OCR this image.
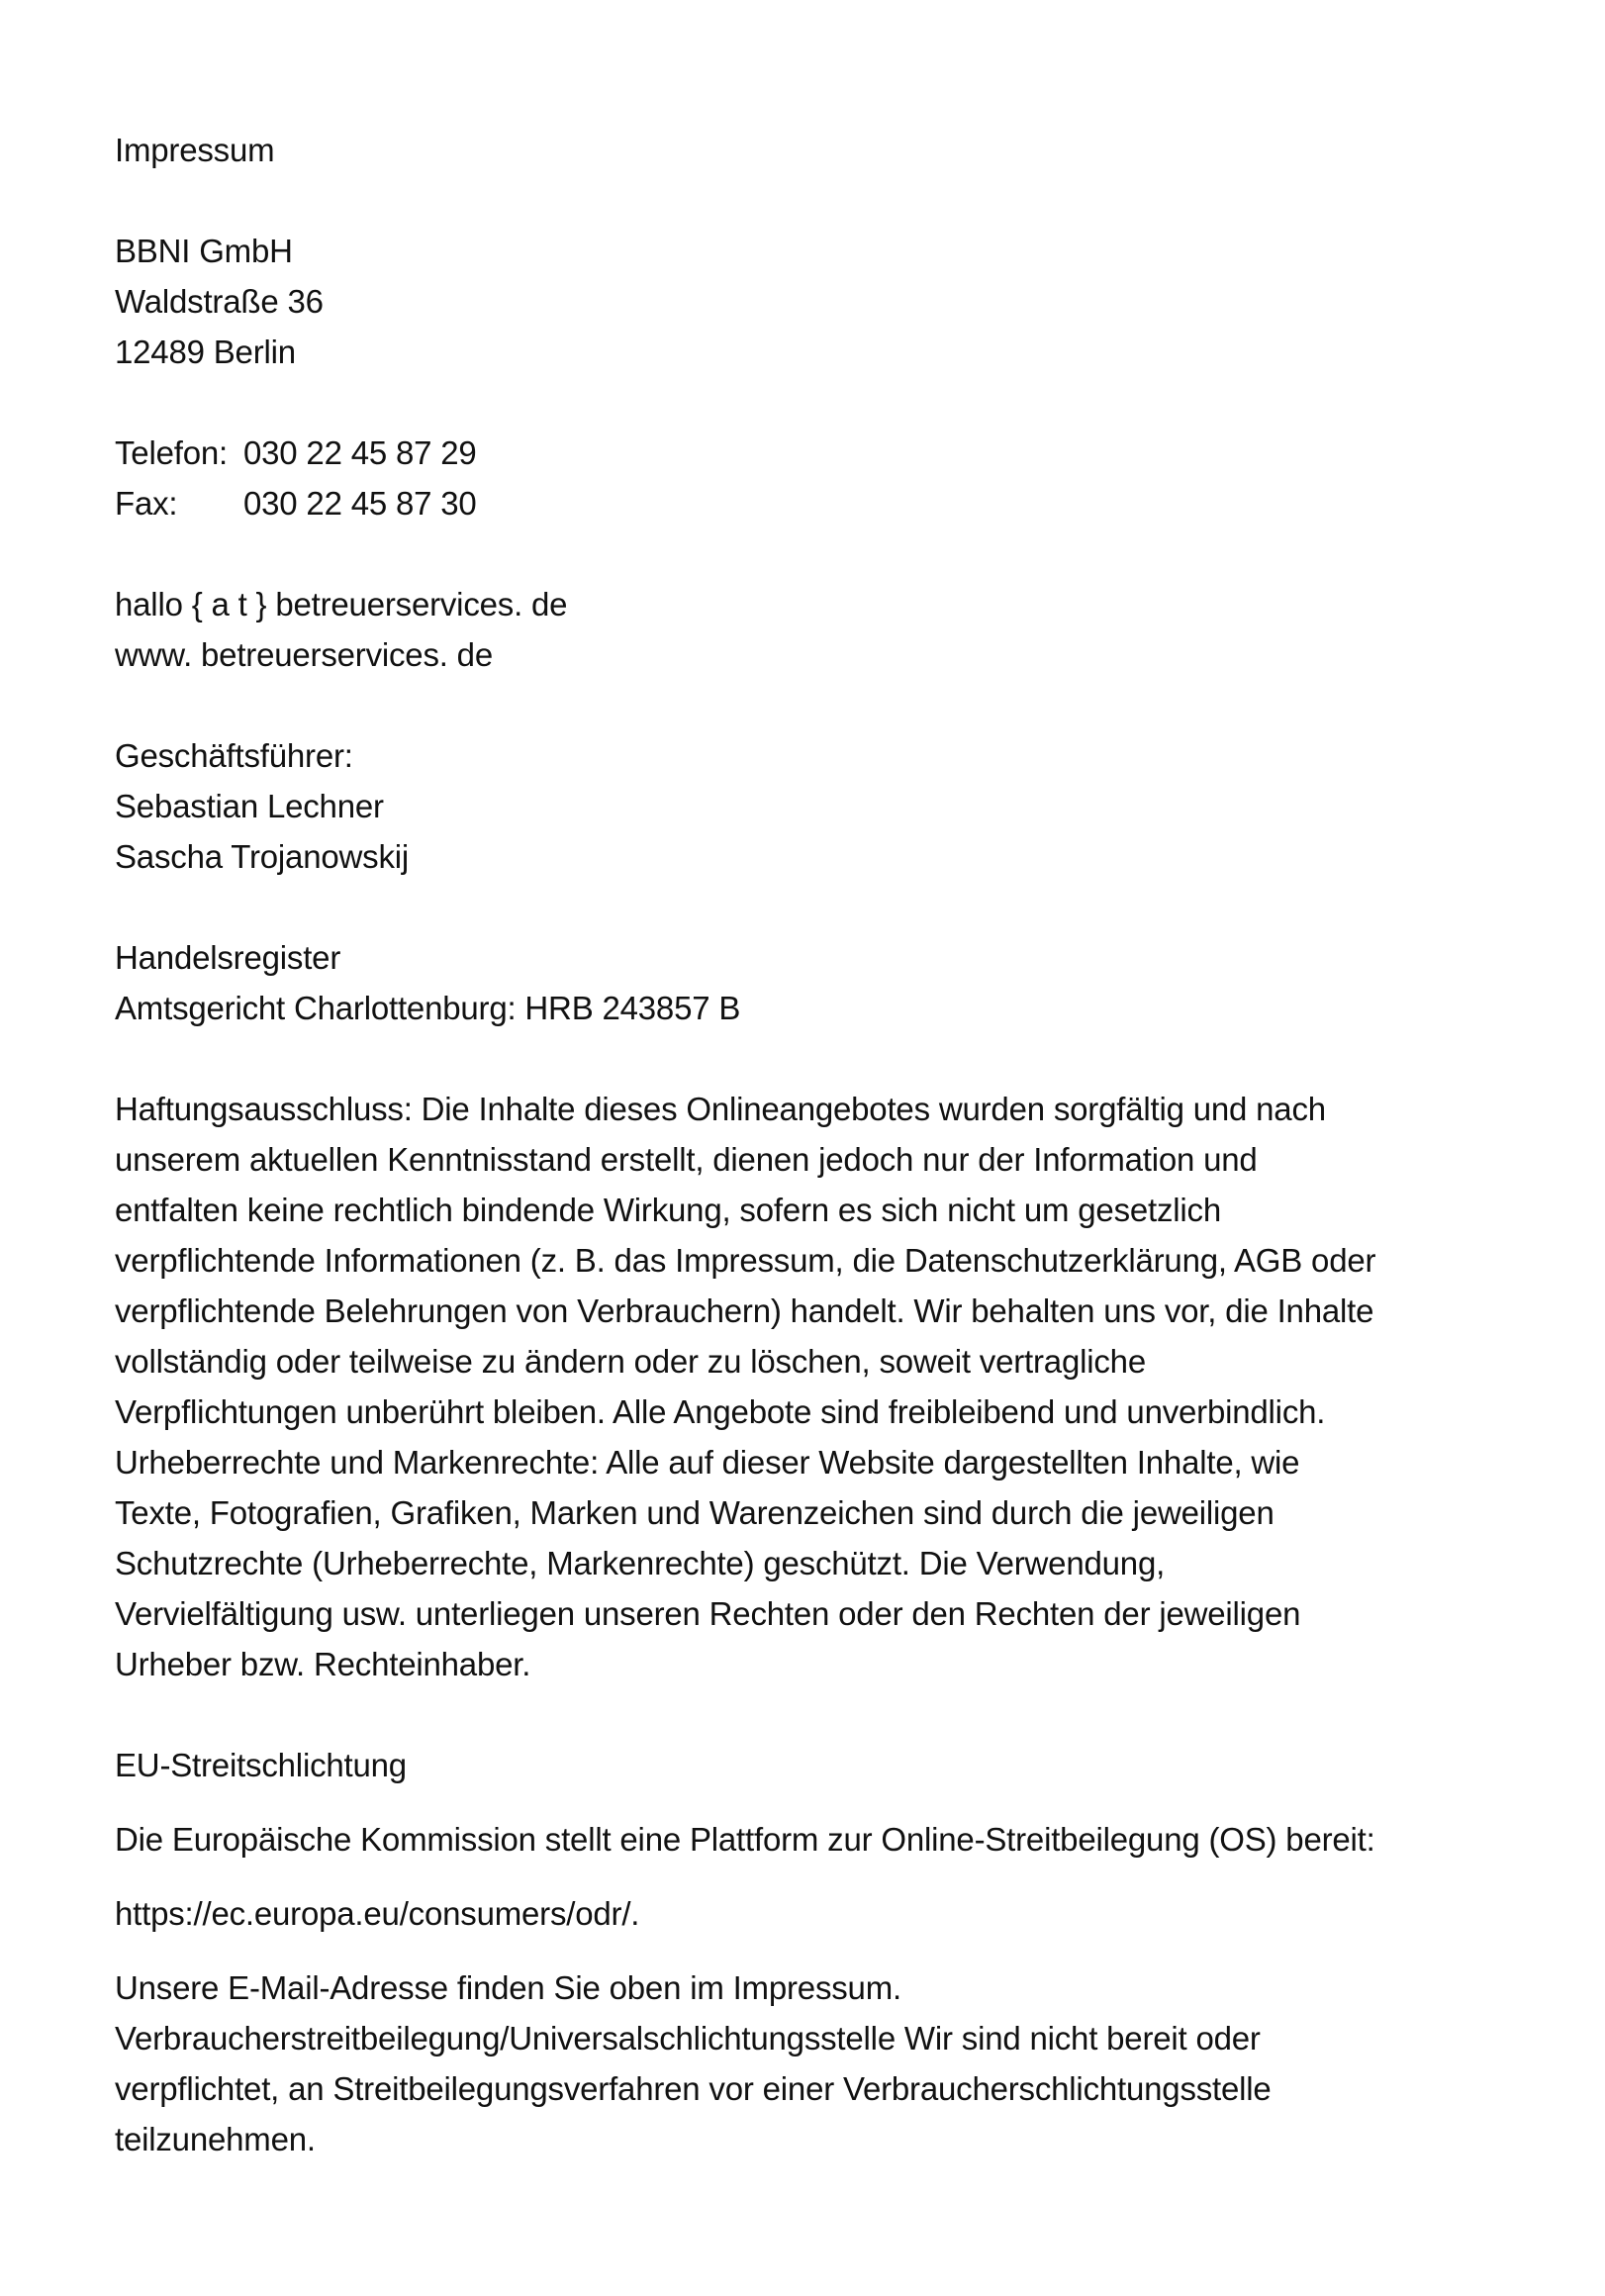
Impressum
BBNI GmbH
Waldstraße 36
12489 Berlin
Telefon: 030 22 45 87 29
Fax: 030 22 45 87 30
hallo { a t } betreuerservices. de
www. betreuerservices. de
Geschäftsführer:
Sebastian Lechner
Sascha Trojanowskij
Handelsregister
Amtsgericht Charlottenburg: HRB 243857 B
Haftungsausschluss: Die Inhalte dieses Onlineangebotes wurden sorgfältig und nach
unserem aktuellen Kenntnisstand erstellt, dienen jedoch nur der Information und
entfalten keine rechtlich bindende Wirkung, sofern es sich nicht um gesetzlich
verpflichtende Informationen (z. B. das Impressum, die Datenschutzerklärung, AGB oder
verpflichtende Belehrungen von Verbrauchern) handelt. Wir behalten uns vor, die Inhalte
vollständig oder teilweise zu ändern oder zu löschen, soweit vertragliche
Verpflichtungen unberührt bleiben. Alle Angebote sind freibleibend und unverbindlich.
Urheberrechte und Markenrechte: Alle auf dieser Website dargestellten Inhalte, wie
Texte, Fotografien, Grafiken, Marken und Warenzeichen sind durch die jeweiligen
Schutzrechte (Urheberrechte, Markenrechte) geschützt. Die Verwendung,
Vervielfältigung usw. unterliegen unseren Rechten oder den Rechten der jeweiligen
Urheber bzw. Rechteinhaber.
EU-Streitschlichtung
Die Europäische Kommission stellt eine Plattform zur Online-Streitbeilegung (OS) bereit:
https://ec.europa.eu/consumers/odr/.
Unsere E-Mail-Adresse finden Sie oben im Impressum.
Verbraucherstreitbeilegung/Universalschlichtungsstelle Wir sind nicht bereit oder
verpflichtet, an Streitbeilegungsverfahren vor einer Verbraucherschlichtungsstelle
teilzunehmen.
